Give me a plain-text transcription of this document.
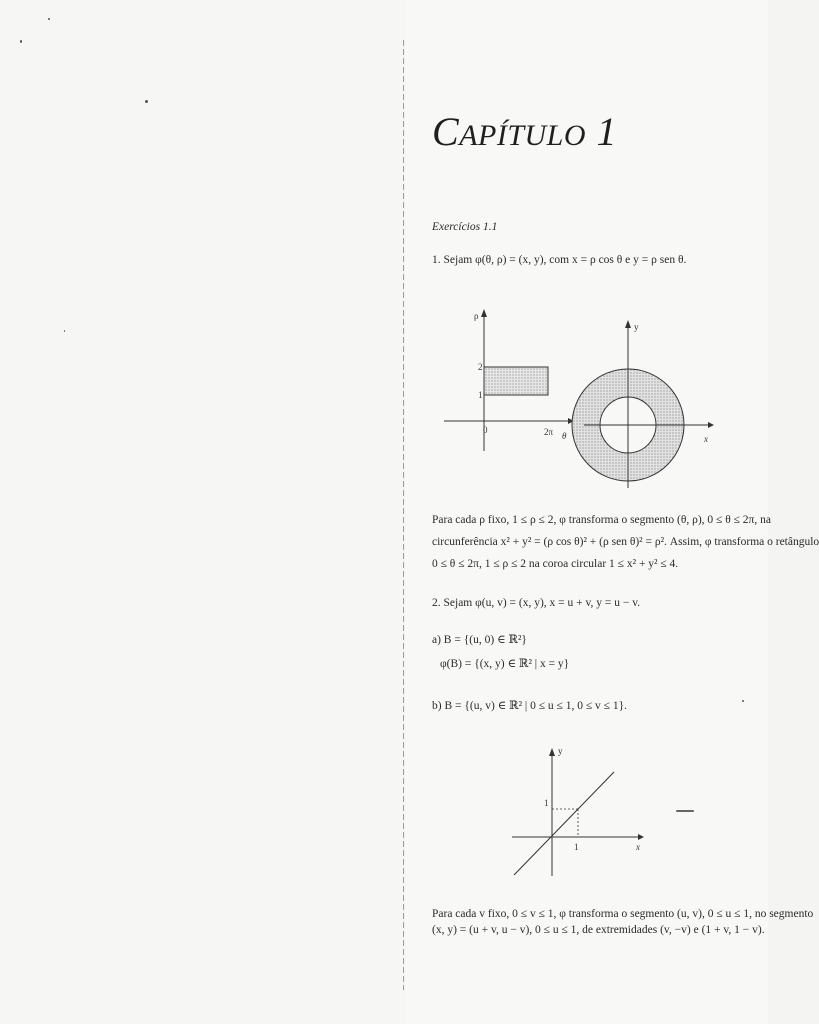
CAPÍTULO 1
Exercícios 1.1
1. Sejam φ(θ, ρ) = (x, y), com x = ρ cos θ e y = ρ sen θ.
ρ
2
1
0	2π θ
y
x
Para cada ρ fixo, 1 ≤ ρ ≤ 2, φ transforma o segmento (θ, ρ), 0 ≤ θ ≤ 2π, na
circunferência x² + y² = (ρ cos θ)² + (ρ sen θ)² = ρ². Assim, φ transforma o retângulo
0 ≤ θ ≤ 2π, 1 ≤ ρ ≤ 2 na coroa circular 1 ≤ x² + y² ≤ 4.
2. Sejam φ(u, v) = (x, y), x = u + v, y = u − v.
a) B = {(u, 0) ∈ ℝ²}
φ(B) = {(x, y) ∈ ℝ² | x = y}
b) B = {(u, v) ∈ ℝ² | 0 ≤ u ≤ 1, 0 ≤ v ≤ 1}.
y
1
1	x
Para cada v fixo, 0 ≤ v ≤ 1, φ transforma o segmento (u, v), 0 ≤ u ≤ 1, no segmento
(x, y) = (u + v, u − v), 0 ≤ u ≤ 1, de extremidades (v, −v) e (1 + v, 1 − v).
